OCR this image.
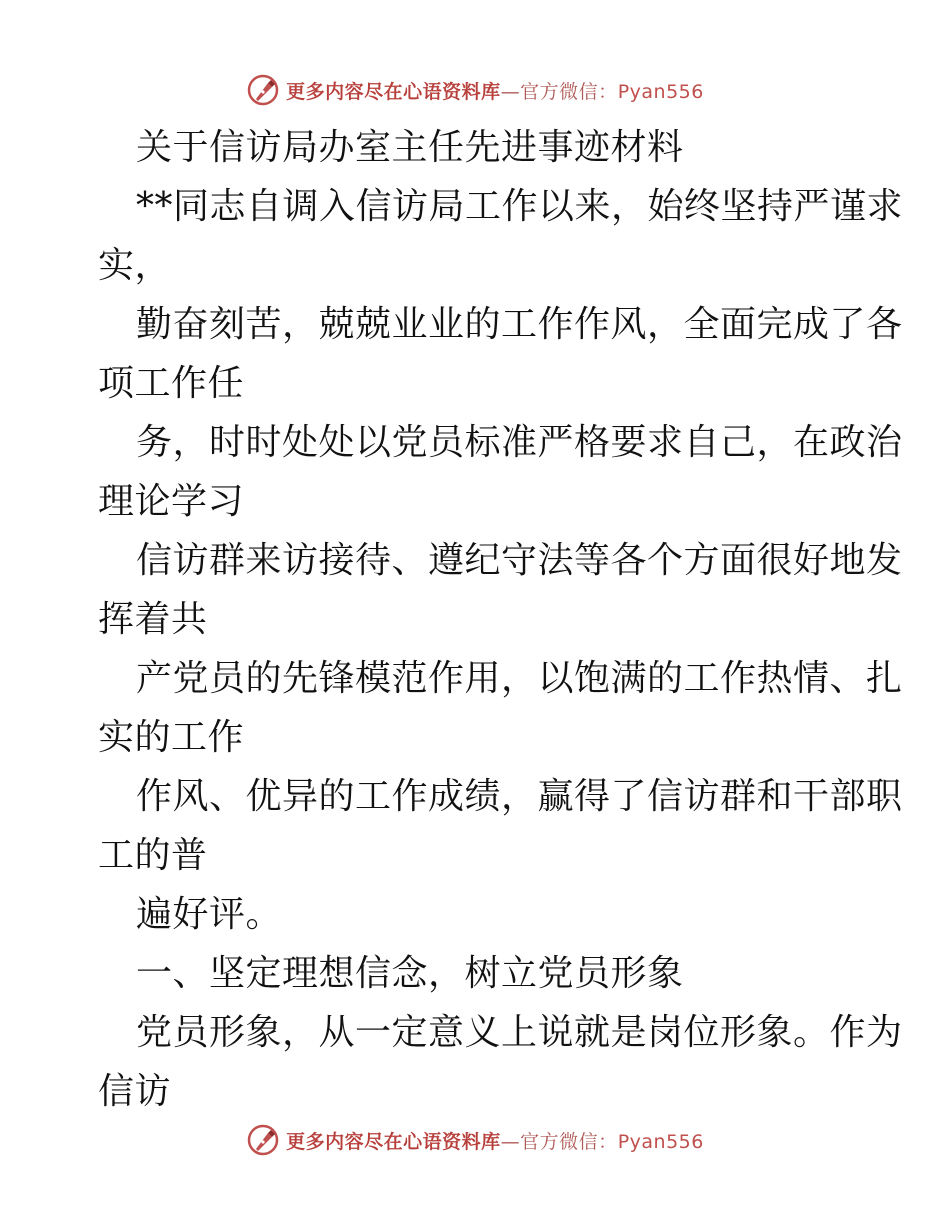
更多内容尽在心语资料库—官方微信：Pyan556
关于信访局办室主任先进事迹材料
**同志自调入信访局工作以来，始终坚持严谨求
实，
勤奋刻苦，兢兢业业的工作作风，全面完成了各
项工作任
务，时时处处以党员标准严格要求自己，在政治
理论学习
信访群来访接待、遵纪守法等各个方面很好地发
挥着共
产党员的先锋模范作用，以饱满的工作热情、扎
实的工作
作风、优异的工作成绩，赢得了信访群和干部职
工的普
遍好评。
一、坚定理想信念，树立党员形象
党员形象，从一定意义上说就是岗位形象。作为
信访
更多内容尽在心语资料库—官方微信：Pyan556
